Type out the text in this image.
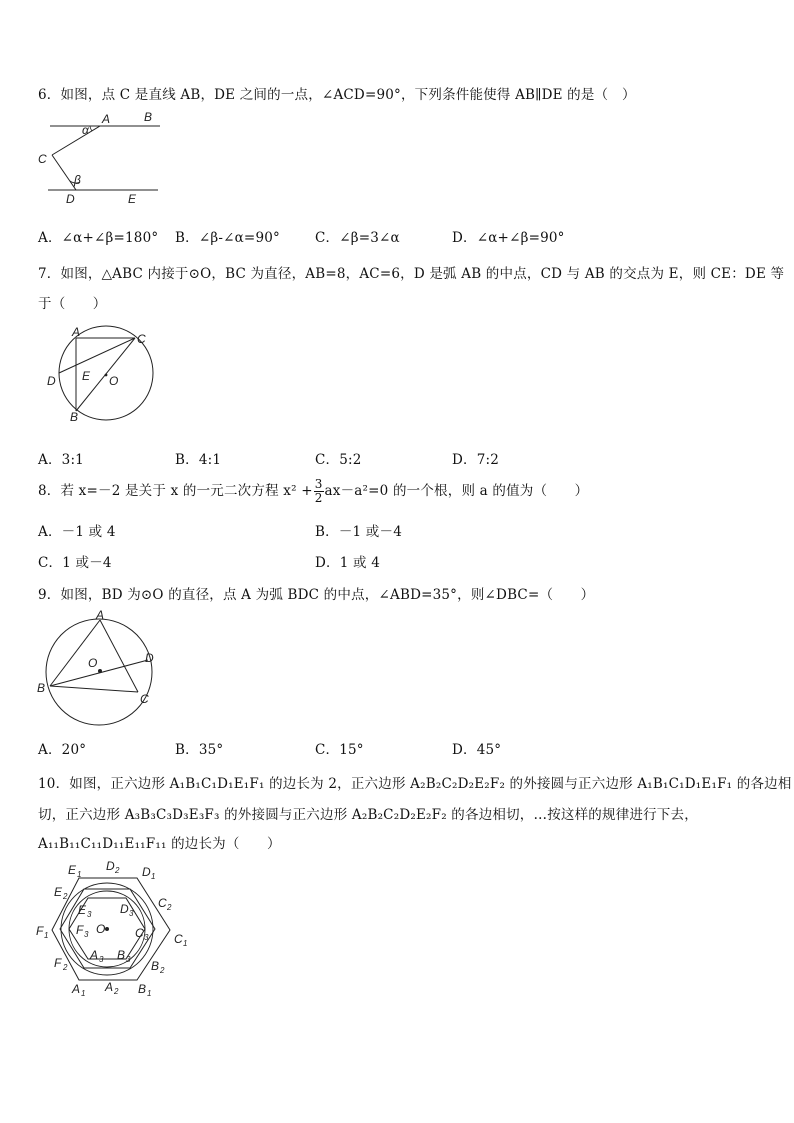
6．如图，点 C 是直线 AB，DE 之间的一点，∠ACD=90°，下列条件能使得 AB∥DE 的是（　）
A	B
C
D	E
α
β
A．∠α+∠β=180° B．∠β-∠α=90°	C．∠β=3∠α	D．∠α+∠β=90°
7．如图，△ABC 内接于⊙O，BC 为直径，AB=8，AC=6，D 是弧 AB 的中点，CD 与 AB 的交点为 E，则 CE：DE 等
于（　　）
A	C
D E O
B
A．3:1	B．4:1	C．5:2	D．7:2
8．若 x=－2 是关于 x 的一元二次方程 $x^2 + \frac{3}{2} ax-a^2=0$ 的一个根，则 a 的值为（　　）
A．－1 或 4	B．－1 或－4
C．1 或－4	D．1 或 4
9．如图，BD 为⊙O 的直径，点 A 为弧 BDC 的中点，∠ABD=35°，则∠DBC=（　　）
A
O	D
B
C
A．20°	B．35°	C．15°	D．45°
10．如图，正六边形 A₁B₁C₁D₁E₁F₁ 的边长为 2，正六边形 A₂B₂C₂D₂E₂F₂ 的外接圆与正六边形 A₁B₁C₁D₁E₁F₁ 的各边相
切，正六边形 A₃B₃C₃D₃E₃F₃ 的外接圆与正六边形 A₂B₂C₂D₂E₂F₂ 的各边相切，…按这样的规律进行下去，
A₁₁B₁₁C₁₁D₁₁E₁₁F₁₁ 的边长为（　　）
E 1
D 2 D 1
E 2	C 2
E 3 D 3
F 1 F 3 O C 3 C 1
F 2
A 3 B 3 B 2
A 1 A 2 B 1
